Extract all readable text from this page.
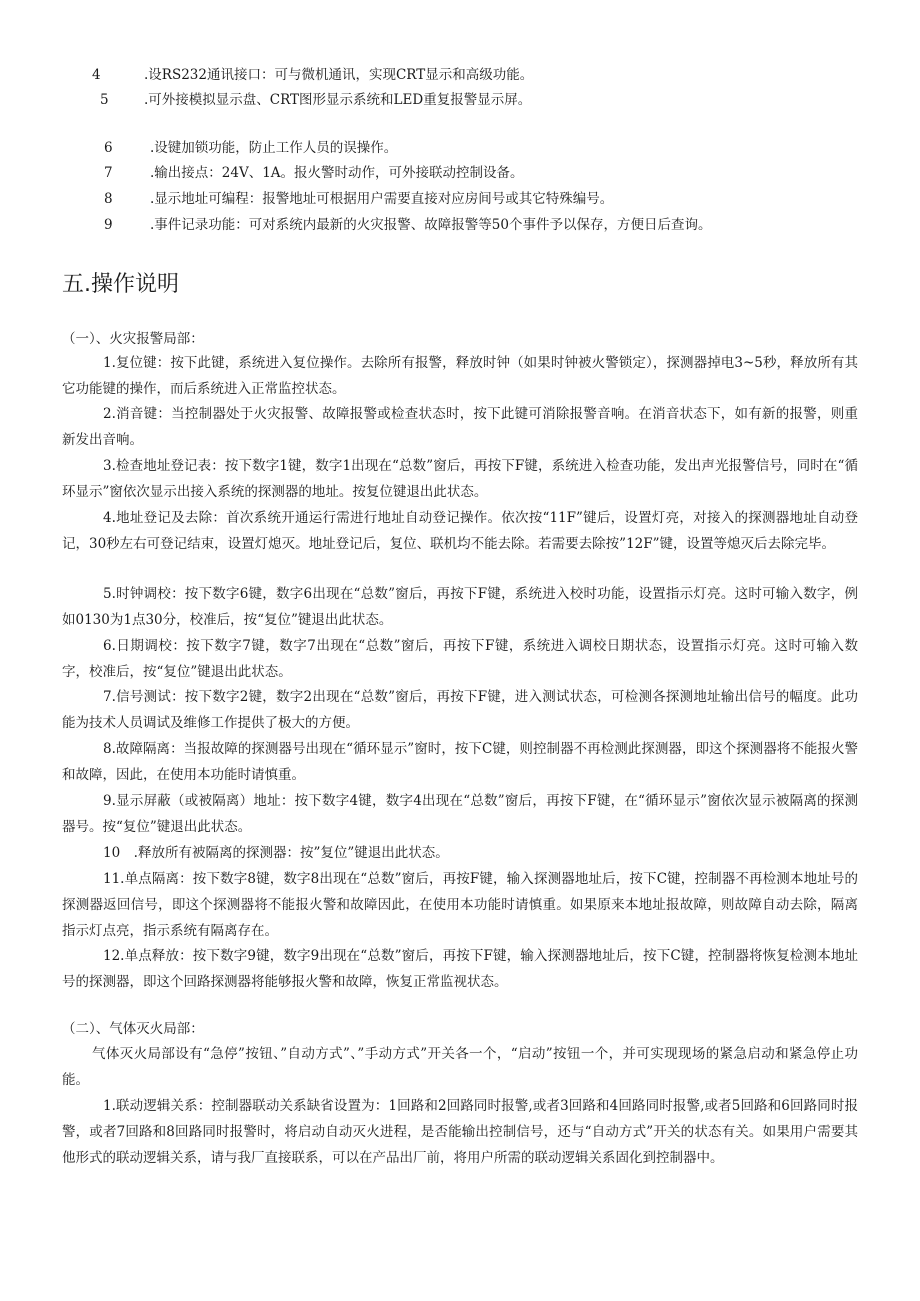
4	.设RS232通讯接口：可与微机通讯，实现CRT显示和高级功能。
5	.可外接模拟显示盘、CRT图形显示系统和LED重复报警显示屏。
6	.设键加锁功能，防止工作人员的误操作。
7	.输出接点：24V、1A。报火警时动作，可外接联动控制设备。
8	.显示地址可编程：报警地址可根据用户需要直接对应房间号或其它特殊编号。
9	.事件记录功能：可对系统内最新的火灾报警、故障报警等50个事件予以保存，方便日后查询。
五.操作说明
（一）、火灾报警局部：
1.复位键：按下此键，系统进入复位操作。去除所有报警，释放时钟（如果时钟被火警锁定），探测器掉电3~5秒，释放所有其它功能键的操作，而后系统进入正常监控状态。
2.消音键：当控制器处于火灾报警、故障报警或检查状态时，按下此键可消除报警音响。在消音状态下，如有新的报警，则重新发出音响。
3.检查地址登记表：按下数字1键，数字1出现在“总数”窗后，再按下F键，系统进入检查功能，发出声光报警信号，同时在“循环显示”窗依次显示出接入系统的探测器的地址。按复位键退出此状态。
4.地址登记及去除：首次系统开通运行需进行地址自动登记操作。依次按“11F”键后，设置灯亮，对接入的探测器地址自动登记，30秒左右可登记结束，设置灯熄灭。地址登记后，复位、联机均不能去除。若需要去除按”12F”键，设置等熄灭后去除完毕。
5.时钟调校：按下数字6键，数字6出现在“总数”窗后，再按下F键，系统进入校时功能，设置指示灯亮。这时可输入数字，例如0130为1点30分，校准后，按“复位”键退出此状态。
6.日期调校：按下数字7键，数字7出现在“总数”窗后，再按下F键，系统进入调校日期状态，设置指示灯亮。这时可输入数字，校准后，按“复位”键退出此状态。
7.信号测试：按下数字2键，数字2出现在“总数”窗后，再按下F键，进入测试状态，可检测各探测地址输出信号的幅度。此功能为技术人员调试及维修工作提供了极大的方便。
8.故障隔离：当报故障的探测器号出现在“循环显示”窗时，按下C键，则控制器不再检测此探测器，即这个探测器将不能报火警和故障，因此，在使用本功能时请慎重。
9.显示屏蔽（或被隔离）地址：按下数字4键，数字4出现在“总数”窗后，再按下F键，在“循环显示”窗依次显示被隔离的探测器号。按“复位”键退出此状态。
10　.释放所有被隔离的探测器：按”复位”键退出此状态。
11.单点隔离：按下数字8键，数字8出现在“总数”窗后，再按F键，输入探测器地址后，按下C键，控制器不再检测本地址号的探测器返回信号，即这个探测器将不能报火警和故障因此，在使用本功能时请慎重。如果原来本地址报故障，则故障自动去除，隔离指示灯点亮，指示系统有隔离存在。
12.单点释放：按下数字9键，数字9出现在“总数”窗后，再按下F键，输入探测器地址后，按下C键，控制器将恢复检测本地址号的探测器，即这个回路探测器将能够报火警和故障，恢复正常监视状态。
（二）、气体灭火局部：
气体灭火局部设有“急停”按钮、”自动方式”、”手动方式”开关各一个，“启动”按钮一个，并可实现现场的紧急启动和紧急停止功能。
1.联动逻辑关系：控制器联动关系缺省设置为：1回路和2回路同时报警,或者3回路和4回路同时报警,或者5回路和6回路同时报警，或者7回路和8回路同时报警时，将启动自动灭火进程，是否能输出控制信号，还与“自动方式”开关的状态有关。如果用户需要其他形式的联动逻辑关系，请与我厂直接联系，可以在产品出厂前，将用户所需的联动逻辑关系固化到控制器中。
